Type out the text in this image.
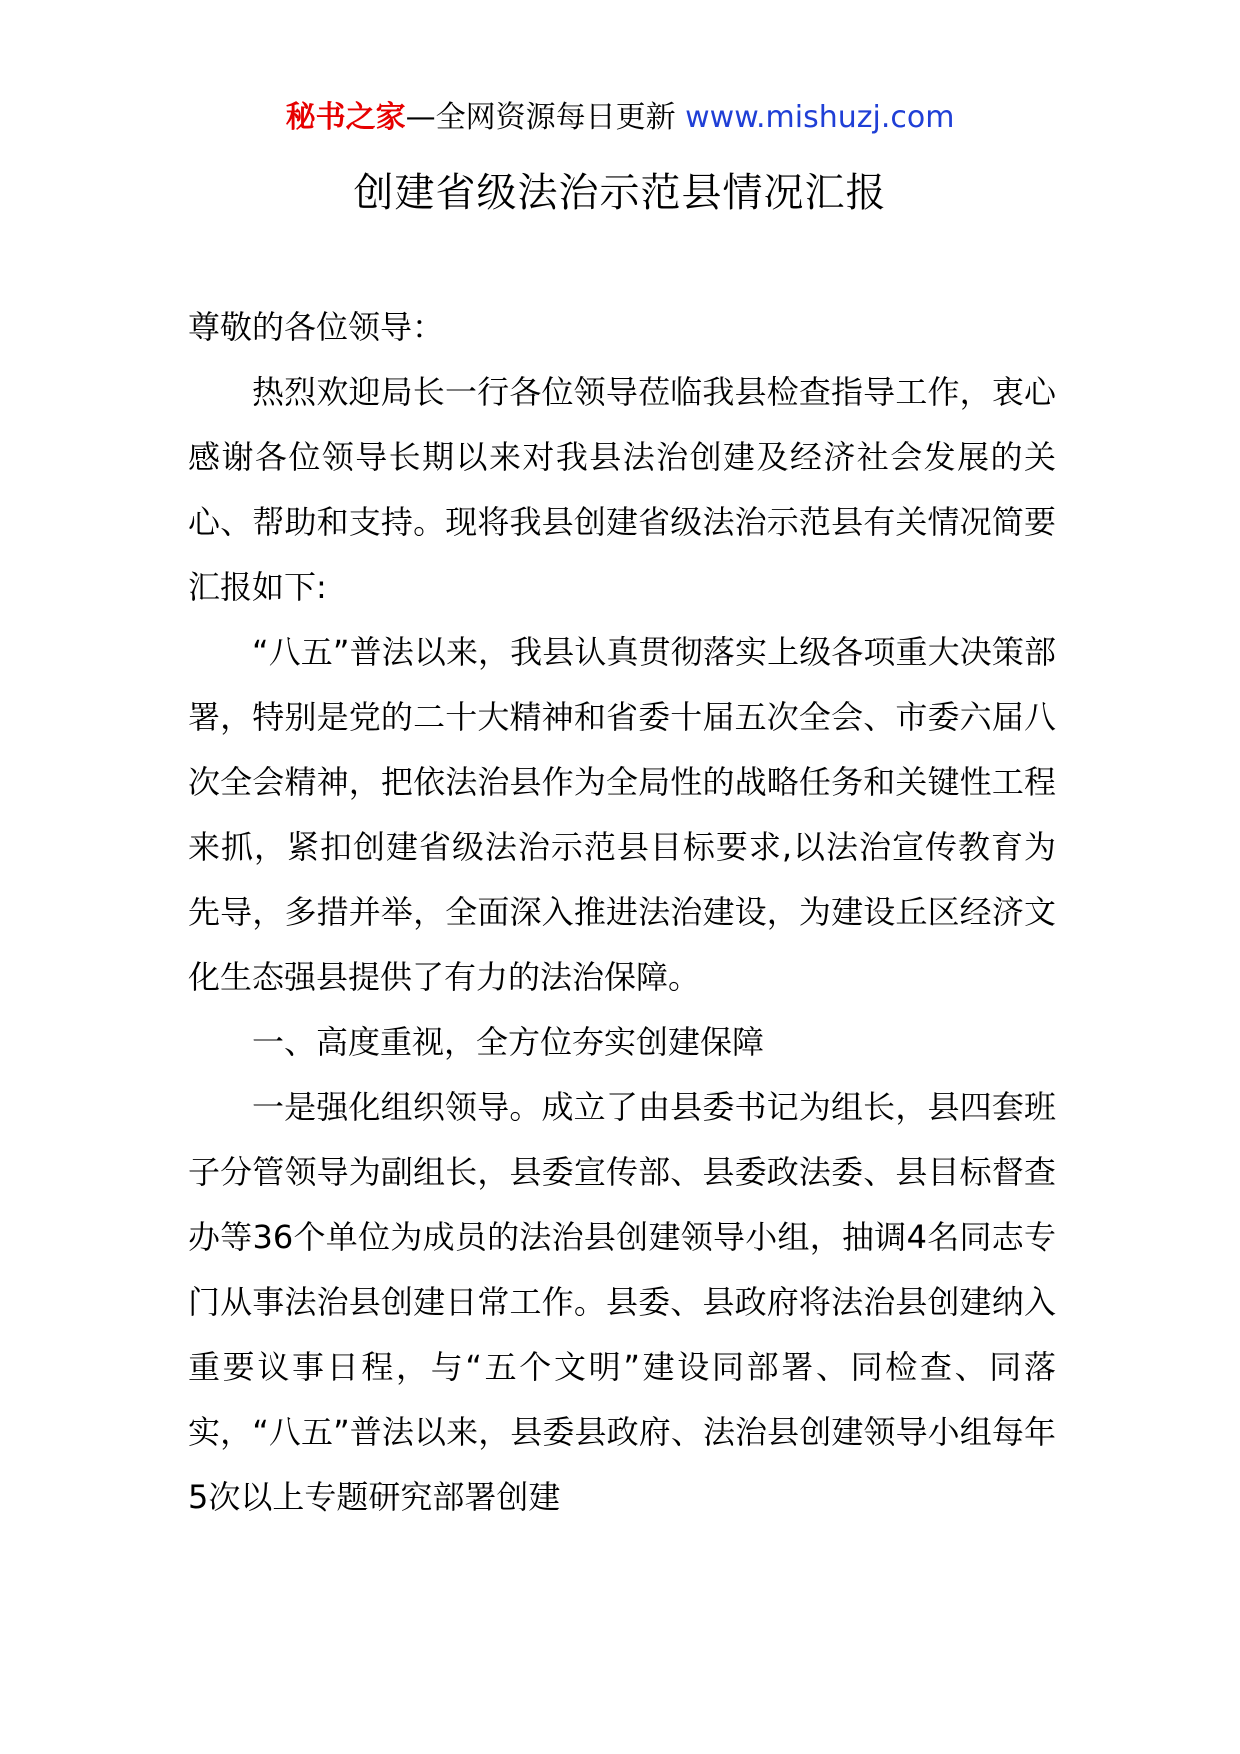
秘书之家—全网资源每日更新 www.mishuzj.com
创建省级法治示范县情况汇报

尊敬的各位领导：

热烈欢迎局长一行各位领导莅临我县检查指导工作，衷心感谢各位领导长期以来对我县法治创建及经济社会发展的关心、帮助和支持。现将我县创建省级法治示范县有关情况简要汇报如下:

“八五”普法以来，我县认真贯彻落实上级各项重大决策部署，特别是党的二十大精神和省委十届五次全会、市委六届八次全会精神，把依法治县作为全局性的战略任务和关键性工程来抓，紧扣创建省级法治示范县目标要求,以法治宣传教育为先导，多措并举，全面深入推进法治建设，为建设丘区经济文化生态强县提供了有力的法治保障。

一、高度重视，全方位夯实创建保障

一是强化组织领导。成立了由县委书记为组长，县四套班子分管领导为副组长，县委宣传部、县委政法委、县目标督查办等36个单位为成员的法治县创建领导小组，抽调4名同志专门从事法治县创建日常工作。县委、县政府将法治县创建纳入重要议事日程，与“五个文明”建设同部署、同检查、同落实，“八五”普法以来，县委县政府、法治县创建领导小组每年5次以上专题研究部署创建
